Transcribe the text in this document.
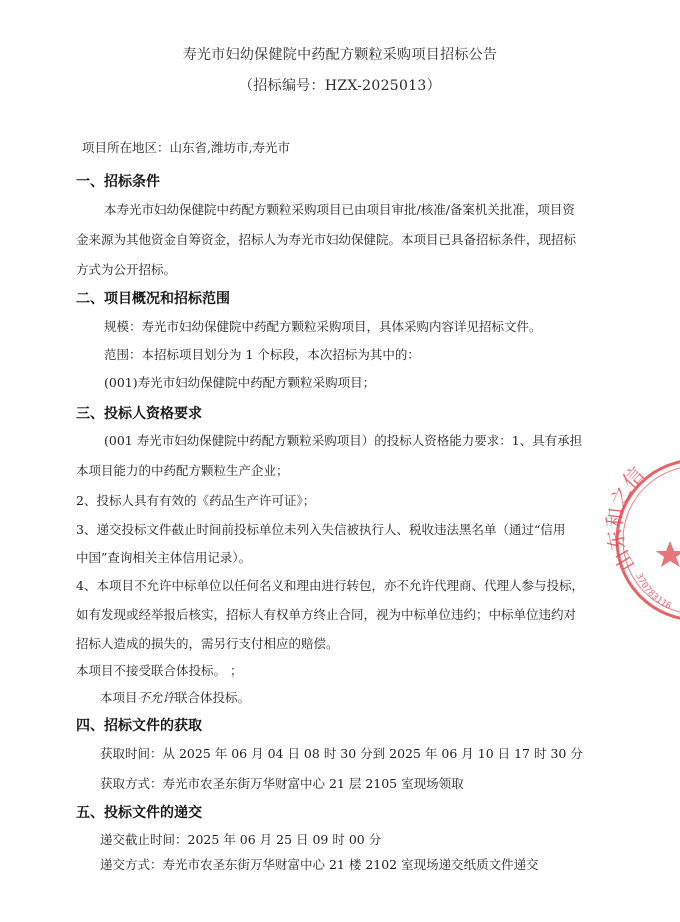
寿光市妇幼保健院中药配方颗粒采购项目招标公告
（招标编号：HZX-2025013）
项目所在地区：山东省,潍坊市,寿光市
一、招标条件
本寿光市妇幼保健院中药配方颗粒采购项目已由项目审批/核准/备案机关批准，项目资
金来源为其他资金自筹资金，招标人为寿光市妇幼保健院。本项目已具备招标条件，现招标
方式为公开招标。
二、项目概况和招标范围
规模：寿光市妇幼保健院中药配方颗粒采购项目，具体采购内容详见招标文件。
范围：本招标项目划分为 1 个标段，本次招标为其中的：
(001)寿光市妇幼保健院中药配方颗粒采购项目；
三、投标人资格要求
(001 寿光市妇幼保健院中药配方颗粒采购项目）的投标人资格能力要求：1、具有承担
本项目能力的中药配方颗粒生产企业；
2、投标人具有有效的《药品生产许可证》；
3、递交投标文件截止时间前投标单位未列入失信被执行人、税收违法黑名单（通过“信用
中国”查询相关主体信用记录）。
4、本项目不允许中标单位以任何名义和理由进行转包，亦不允许代理商、代理人参与投标，
如有发现或经举报后核实，招标人有权单方终止合同，视为中标单位违约；中标单位违约对
招标人造成的损失的，需另行支付相应的赔偿。
本项目不接受联合体投标。 ；
本项目不允许联合体投标。
四、招标文件的获取
获取时间：从 2025 年 06 月 04 日 08 时 30 分到 2025 年 06 月 10 日 17 时 30 分
获取方式：寿光市农圣东街万华财富中心 21 层 2105 室现场领取
五、投标文件的递交
递交截止时间：2025 年 06 月 25 日 09 时 00 分
递交方式：寿光市农圣东街万华财富中心 21 楼 2102 室现场递交纸质文件递交
山东和之信
370783116
